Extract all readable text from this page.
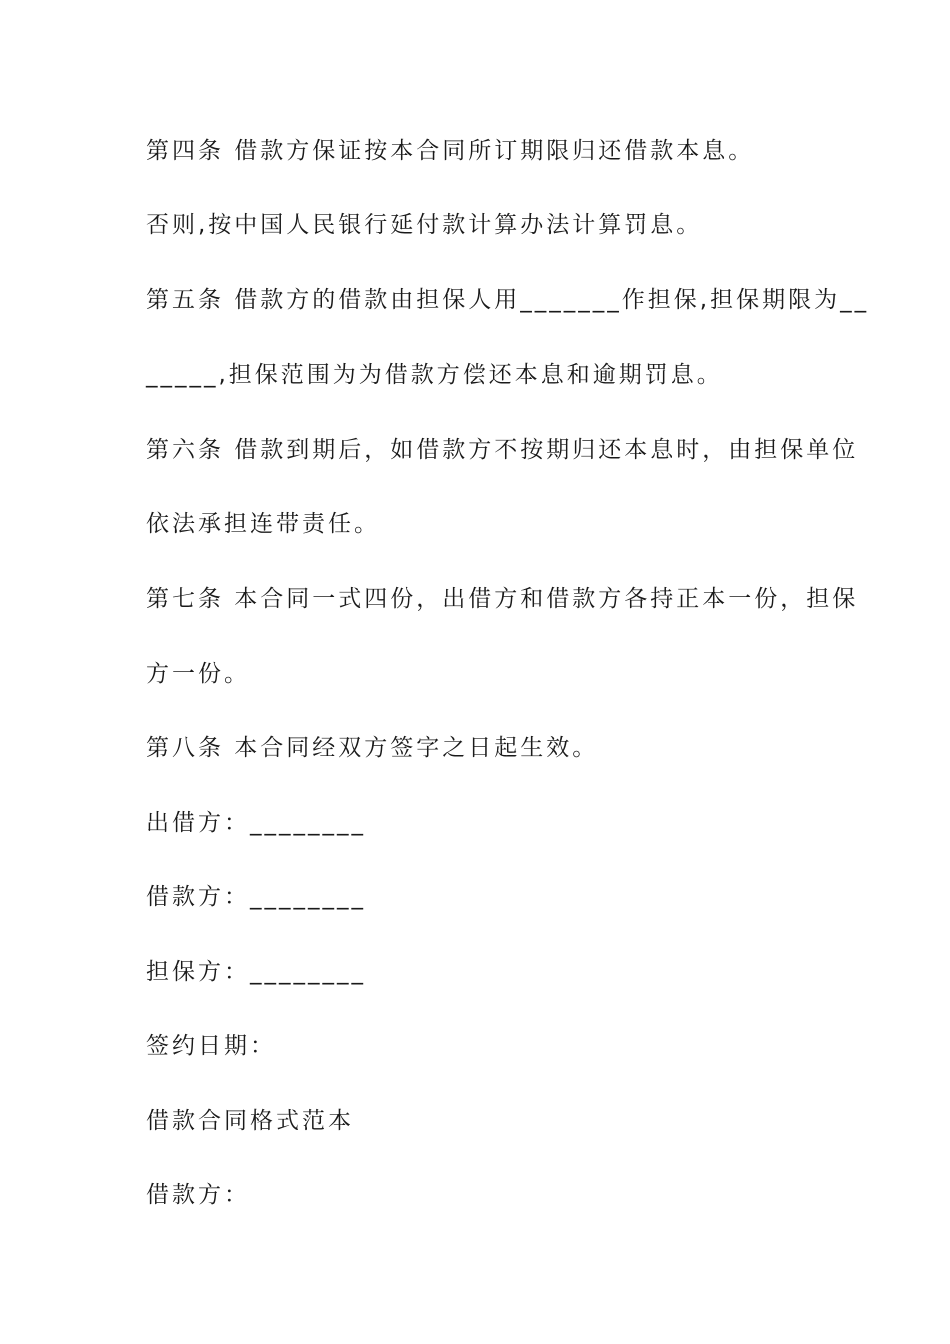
第四条 借款方保证按本合同所订期限归还借款本息。
否则,按中国人民银行延付款计算办法计算罚息。
第五条 借款方的借款由担保人用_______作担保,担保期限为__
_____,担保范围为为借款方偿还本息和逾期罚息。
第六条 借款到期后，如借款方不按期归还本息时，由担保单位
依法承担连带责任。
第七条 本合同一式四份，出借方和借款方各持正本一份，担保
方一份。
第八条 本合同经双方签字之日起生效。
出借方：________
借款方：________
担保方：________
签约日期：
借款合同格式范本
借款方：
